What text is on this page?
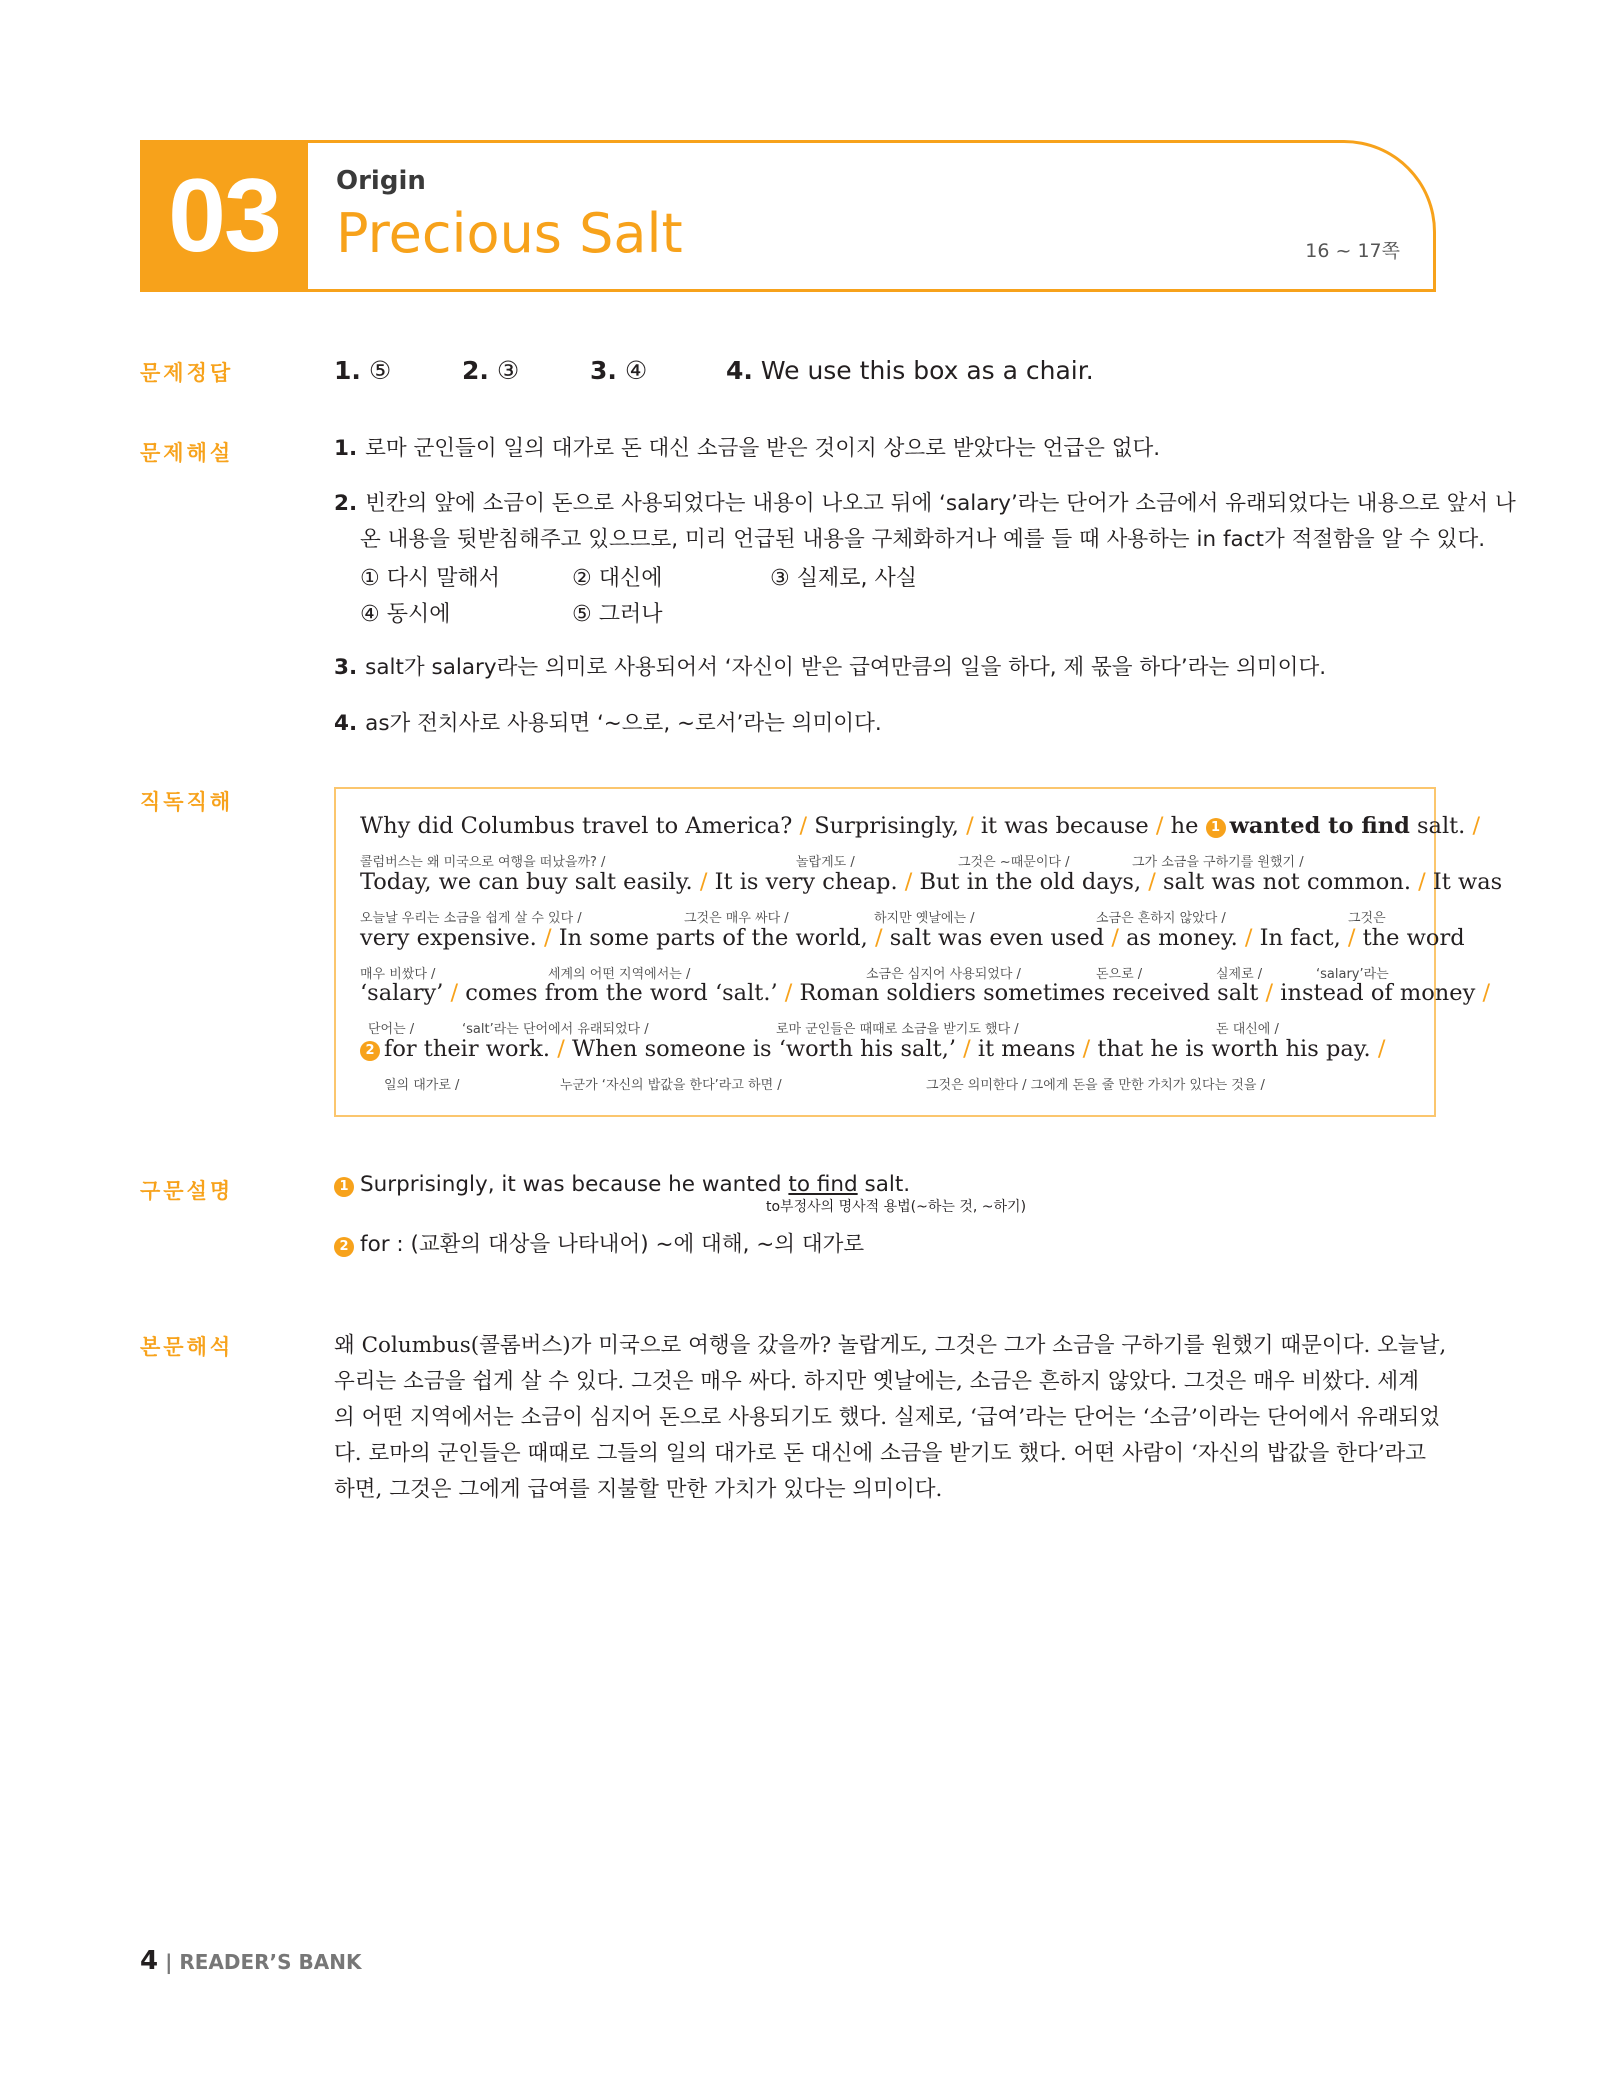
03	Origin
Precious Salt	16 ~ 17쪽
문제정답	1. ⑤	2. ③	3. ④	4. We use this box as a chair.
문제해설	1. 로마 군인들이 일의 대가로 돈 대신 소금을 받은 것이지 상으로 받았다는 언급은 없다.
2. 빈칸의 앞에 소금이 돈으로 사용되었다는 내용이 나오고 뒤에 ‘salary’라는 단어가 소금에서 유래되었다는 내용으로 앞서 나
온 내용을 뒷받침해주고 있으므로, 미리 언급된 내용을 구체화하거나 예를 들 때 사용하는 in fact가 적절함을 알 수 있다.
① 다시 말해서	② 대신에	③ 실제로, 사실
④ 동시에	⑤ 그러나
3. salt가 salary라는 의미로 사용되어서 ‘자신이 받은 급여만큼의 일을 하다, 제 몫을 하다’라는 의미이다.
4. as가 전치사로 사용되면 ‘~으로, ~로서’라는 의미이다.
직독직해
Why did Columbus travel to America? / Surprisingly, / it was because / he 1 wanted to find salt. /
콜럼버스는 왜 미국으로 여행을 떠났을까? /	놀랍게도 /	그것은 ~때문이다 /	그가 소금을 구하기를 원했기 /
Today, we can buy salt easily. / It is very cheap. / But in the old days, / salt was not common. / It was
오늘날 우리는 소금을 쉽게 살 수 있다 /	그것은 매우 싸다 /	하지만 옛날에는 /	소금은 흔하지 않았다 /	그것은
very expensive. / In some parts of the world, / salt was even used / as money. / In fact, / the word
매우 비쌌다 /	세계의 어떤 지역에서는 /	소금은 심지어 사용되었다 /	돈으로 /	실제로 /	‘salary’라는
‘salary’ / comes from the word ‘salt.’ / Roman soldiers sometimes received salt / instead of money /
단어는 /	‘salt’라는 단어에서 유래되었다 /	로마 군인들은 때때로 소금을 받기도 했다 /	돈 대신에 /
2 for their work. / When someone is ‘worth his salt,’ / it means / that he is worth his pay. /
일의 대가로 /	누군가 ‘자신의 밥값을 한다’라고 하면 /	그것은 의미한다 / 그에게 돈을 줄 만한 가치가 있다는 것을 /
구문설명	1 Surprisingly, it was because he wanted to find salt.
to부정사의 명사적 용법(~하는 것, ~하기)
2 for : (교환의 대상을 나타내어) ~에 대해, ~의 대가로
본문해석	왜 Columbus(콜롬버스)가 미국으로 여행을 갔을까? 놀랍게도, 그것은 그가 소금을 구하기를 원했기 때문이다. 오늘날,
우리는 소금을 쉽게 살 수 있다. 그것은 매우 싸다. 하지만 옛날에는, 소금은 흔하지 않았다. 그것은 매우 비쌌다. 세계
의 어떤 지역에서는 소금이 심지어 돈으로 사용되기도 했다. 실제로, ‘급여’라는 단어는 ‘소금’이라는 단어에서 유래되었
다. 로마의 군인들은 때때로 그들의 일의 대가로 돈 대신에 소금을 받기도 했다. 어떤 사람이 ‘자신의 밥값을 한다’라고
하면, 그것은 그에게 급여를 지불할 만한 가치가 있다는 의미이다.
4 | READER’S BANK
